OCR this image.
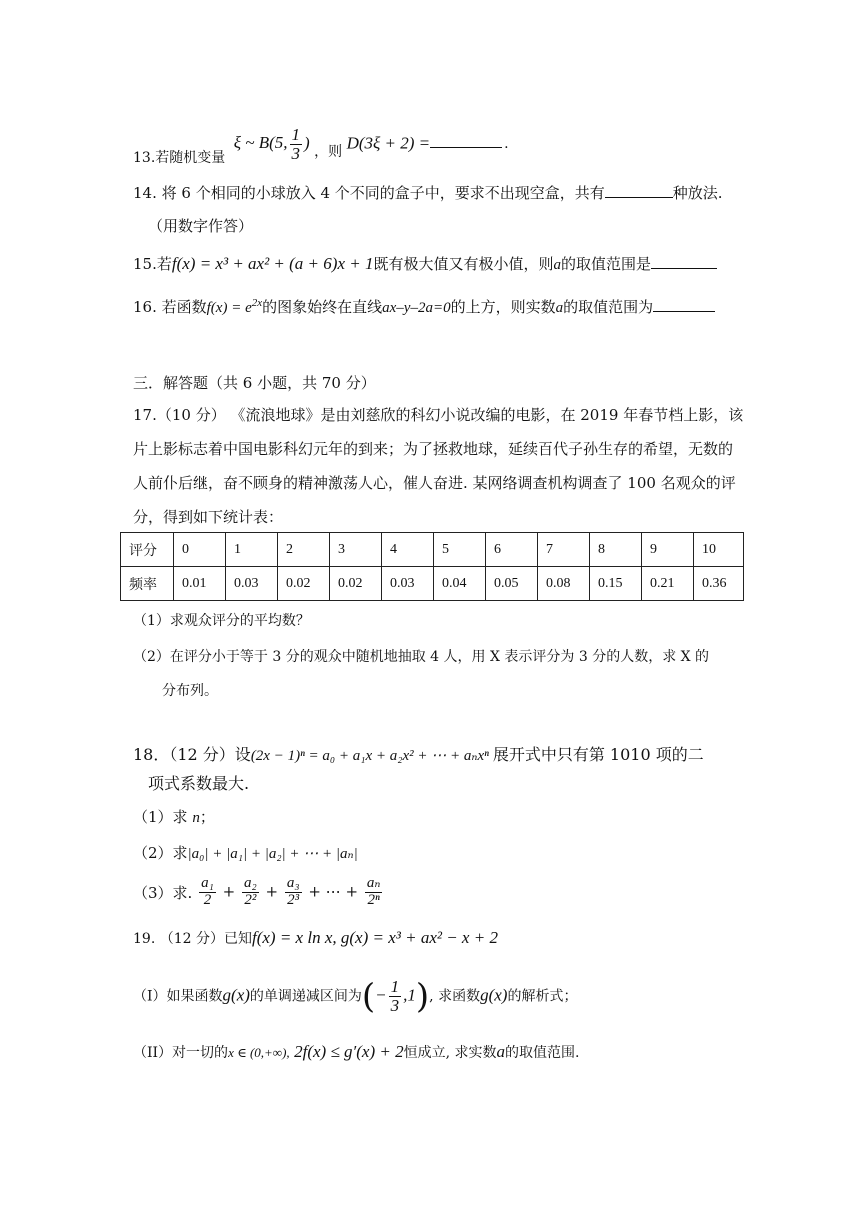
13.若随机变量 ξ ~ B(5, $\frac{1}{3}$ ) ，则 D(3ξ + 2) =	.
14. 将 6 个相同的小球放入 4 个不同的盒子中，要求不出现空盒，共有	种放法.
（用数字作答）
15.若f(x) = x³ + ax² + (a + 6)x + 1既有极大值又有极小值，则a的取值范围是
16. 若函数$f(x) = e^{2x}$的图象始终在直线ax–y–2a=0的上方，则实数a的取值范围为
三．解答题（共 6 小题，共 70 分）
17.（10 分） 《流浪地球》是由刘慈欣的科幻小说改编的电影，在 2019 年春节档上影，该
片上影标志着中国电影科幻元年的到来；为了拯救地球，延续百代子孙生存的希望，无数的
人前仆后继，奋不顾身的精神激荡人心，催人奋进. 某网络调查机构调查了 100 名观众的评
分，得到如下统计表：
评分	0	1	2	3	4	5	6	7	8	9	10
频率	0.01	0.03	0.02	0.02	0.03	0.04	0.05	0.08	0.15	0.21	0.36
（1）求观众评分的平均数？
（2）在评分小于等于 3 分的观众中随机地抽取 4 人，用 X 表示评分为 3 分的人数，求 X 的
分布列。
18．（12 分）设(2x − 1)ⁿ = a₀ + a₁x + a₂x² + ⋯ + aₙxⁿ 展开式中只有第 1010 项的二
项式系数最大.
（1）求 n；
（2）求|a₀| + |a₁| + |a₂| + ⋯ + |aₙ|
（3）求. $\frac{\text{a₁}}{2} + \frac{\text{a₂}}{\text{2²}} + \frac{\text{a₃}}{\text{2³}}$ + ⋯ + $\frac{\text{aₙ}}{\text{2ⁿ}}$
19. （12 分）已知f(x) = x ln x, g(x) = x³ + ax² − x + 2
（I）如果函数g(x)的单调递减区间为(− $\frac{1}{3} ,1$), 求函数g(x)的解析式；
（II）对一切的x ∈ (0,+∞), 2f(x) ≤ g′(x) + 2恒成立, 求实数a的取值范围.
